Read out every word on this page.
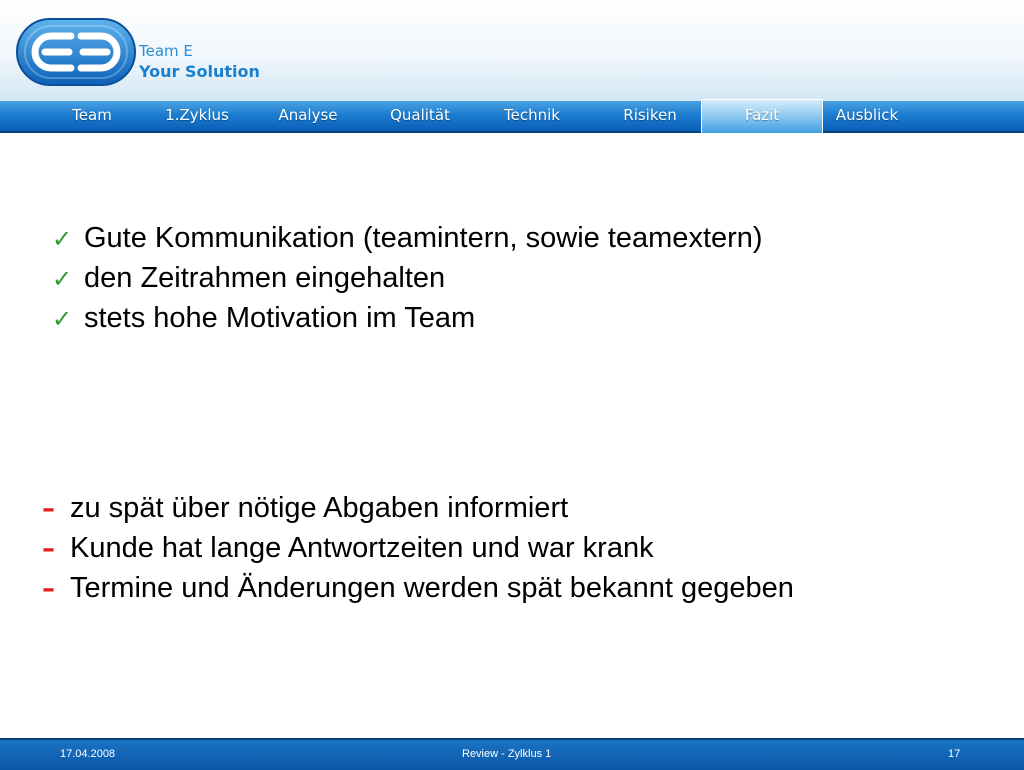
Team E
Your Solution
Team	1.Zyklus	Analyse	Qualität	Technik	Risiken	Fazit	Ausblick
✓ Gute Kommunikation (teamintern, sowie teamextern)
✓ den Zeitrahmen eingehalten
✓ stets hohe Motivation im Team
– zu spät über nötige Abgaben informiert
– Kunde hat lange Antwortzeiten und war krank
– Termine und Änderungen werden spät bekannt gegeben
17.04.2008	Review - Zylklus 1	17
